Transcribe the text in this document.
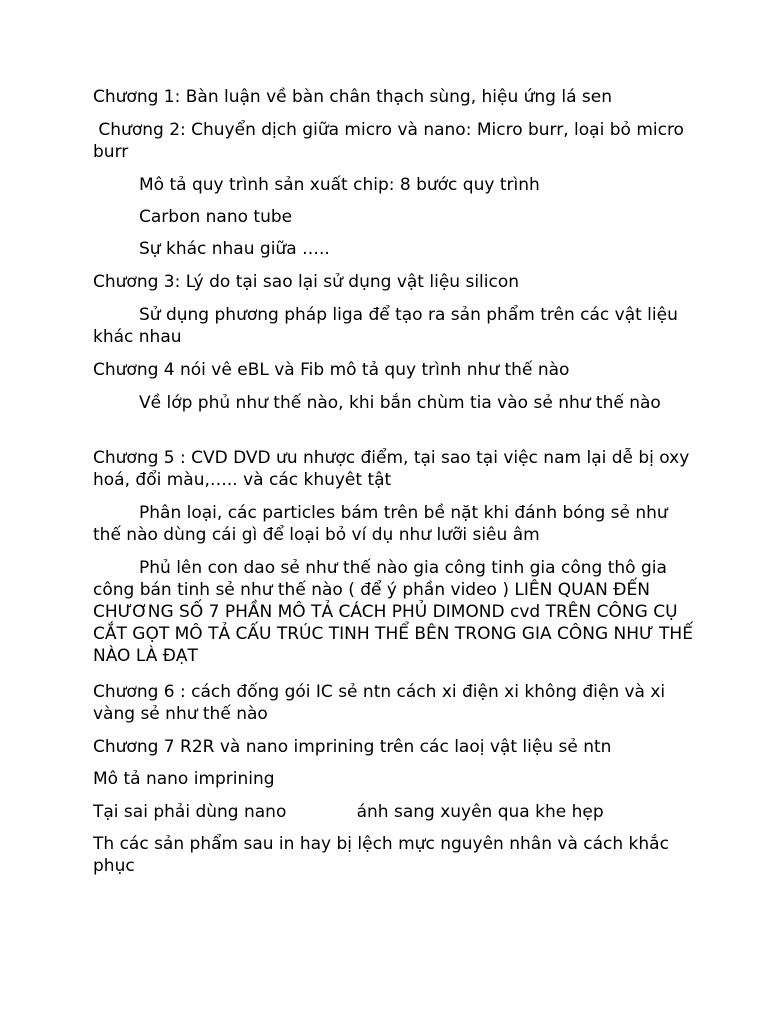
Chương 1: Bàn luận về bàn chân thạch sùng, hiệu ứng lá sen

Chương 2: Chuyển dịch giữa micro và nano: Micro burr, loại bỏ micro burr

Mô tả quy trình sản xuất chip: 8 bước quy trình

Carbon nano tube

Sự khác nhau giữa …..

Chương 3: Lý do tại sao lại sử dụng vật liệu silicon

Sử dụng phương pháp liga để tạo ra sản phẩm trên các vật liệu khác nhau

Chương 4 nói vê eBL và Fib mô tả quy trình như thế nào

Về lớp phủ như thế nào, khi bắn chùm tia vào sẻ như thế nào

Chương 5 : CVD DVD ưu nhược điểm, tại sao tại việc nam lại dễ bị oxy hoá, đổi màu,….. và các khuyêt tật

Phân loại, các particles bám trên bề nặt khi đánh bóng sẻ như thế nào dùng cái gì để loại bỏ ví dụ như lưỡi siêu âm

Phủ lên con dao sẻ như thế nào gia công tinh gia công thô gia công bán tinh sẻ như thế nào ( để ý phần video ) LIÊN QUAN ĐẾN CHƯƠNG SỐ 7 PHẦN MÔ TẢ CÁCH PHỦ DIMOND cvd TRÊN CÔNG CỤ CẮT GỌT MÔ TẢ CẤU TRÚC TINH THỂ BÊN TRONG GIA CÔNG NHƯ THẾ NÀO LÀ ĐẠT

Chương 6 : cách đống gói IC sẻ ntn cách xi điện xi không điện và xi vàng sẻ như thế nào

Chương 7 R2R và nano imprining trên các laoị vật liệu sẻ ntn

Mô tả nano imprining

Tại sai phải dùng nano             ánh sang xuyên qua khe hẹp

Th các sản phẩm sau in hay bị lệch mực nguyên nhân và cách khắc phục
